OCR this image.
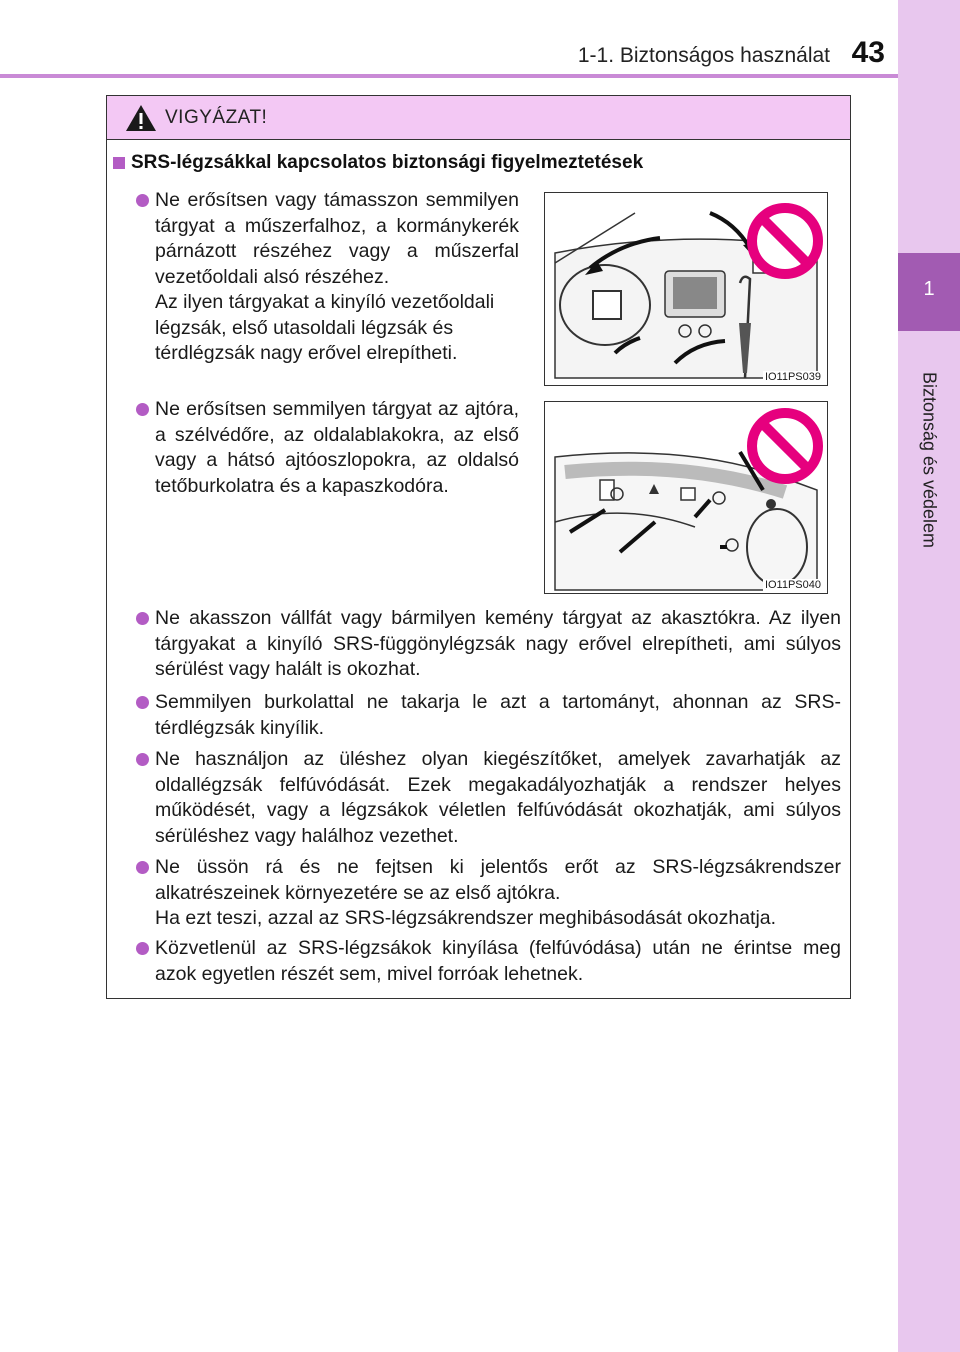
1-1. Biztonságos használat 43
1
Biztonság és védelem
VIGYÁZAT!
SRS-légzsákkal kapcsolatos biztonsági figyelmeztetések

Ne erősítsen vagy támasszon semmilyen tárgyat a műszerfalhoz, a kormánykerék párnázott részéhez vagy a műszerfal vezetőoldali alsó részéhez.

Az ilyen tárgyakat a kinyíló vezetőoldali légzsák, első utasoldali légzsák és térdlégzsák nagy erővel elrepítheti.

IO11PS039

Ne erősítsen semmilyen tárgyat az ajtóra, a szélvédőre, az oldalablakokra, az első vagy a hátsó ajtóoszlopokra, az oldalsó tetőburkolatra és a kapaszkodóra.

IO11PS040

Ne akasszon vállfát vagy bármilyen kemény tárgyat az akasztókra. Az ilyen tárgyakat a kinyíló SRS-függönylégzsák nagy erővel elrepítheti, ami súlyos sérülést vagy halált is okozhat.

Semmilyen burkolattal ne takarja le azt a tartományt, ahonnan az SRS-térdlégzsák kinyílik.

Ne használjon az üléshez olyan kiegészítőket, amelyek zavarhatják az oldallégzsák felfúvódását. Ezek megakadályozhatják a rendszer helyes működését, vagy a légzsákok véletlen felfúvódását okozhatják, ami súlyos sérüléshez vagy halálhoz vezethet.

Ne üssön rá és ne fejtsen ki jelentős erőt az SRS-légzsákrendszer alkatrészeinek környezetére se az első ajtókra.

Ha ezt teszi, azzal az SRS-légzsákrendszer meghibásodását okozhatja.

Közvetlenül az SRS-légzsákok kinyílása (felfúvódása) után ne érintse meg azok egyetlen részét sem, mivel forróak lehetnek.
